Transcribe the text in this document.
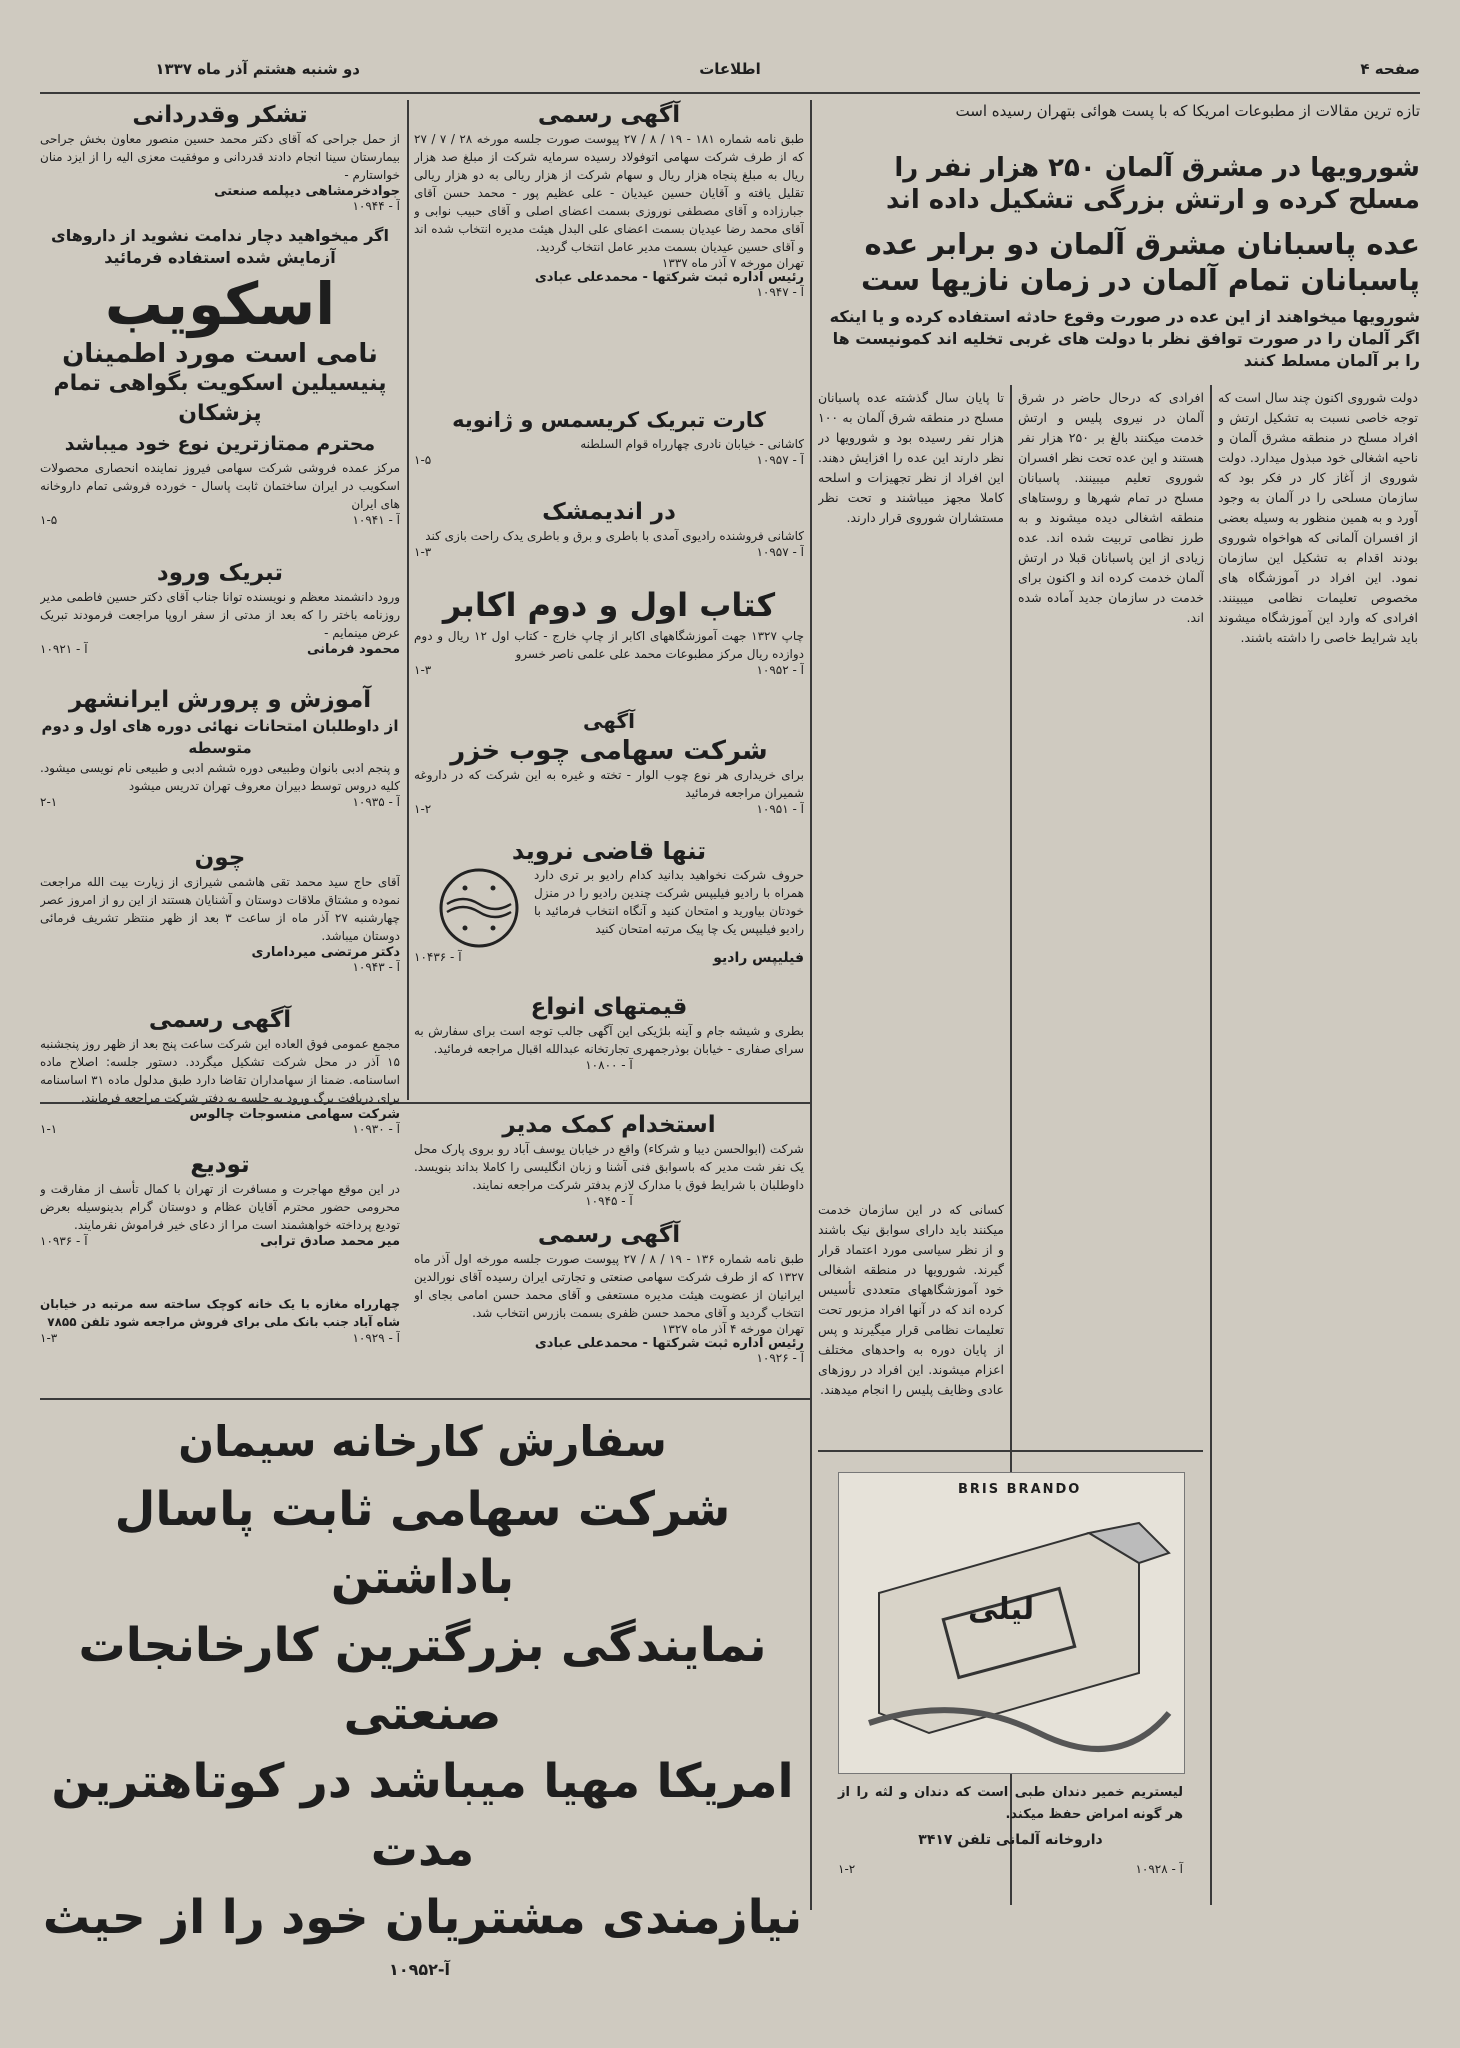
دو شنبه هشتم آذر ماه ۱۳۳۷	اطلاعات	صفحه ۴
تشکر وقدردانی
از حمل جراحی که آقای دکتر محمد حسین منصور معاون بخش جراحی بیمارستان سینا انجام دادند قدردانی و موفقیت معزی الیه را از ایزد منان خواستارم -
جوادخرمشاهی دیپلمه صنعتی
آ - ۱۰۹۴۴
اگر میخواهید دچار ندامت نشوید از داروهای آزمایش شده استفاده فرمائید
اسکویب
نامی است مورد اطمینان
پنیسیلین اسکویت بگواهی تمام پزشکان
محترم ممتازترین نوع خود میباشد
مرکز عمده فروشی شرکت سهامی فیروز نماینده انحصاری محصولات اسکویب در ایران ساختمان ثابت پاسال - خورده فروشی تمام داروخانه های ایران
۱-۵	آ - ۱۰۹۴۱
تبریک ورود
ورود دانشمند معظم و نویسنده توانا جناب آقای دکتر حسین فاطمی مدیر روزنامه باختر را که بعد از مدتی از سفر اروپا مراجعت فرمودند تبریک عرض مینمایم -
آ - ۱۰۹۲۱	محمود فرمانی
آموزش و پرورش ایرانشهر
از داوطلبان امتحانات نهائی دوره های اول و دوم متوسطه
و پنجم ادبی بانوان وطبیعی دوره ششم ادبی و طبیعی نام نویسی میشود. کلیه دروس توسط دبیران معروف تهران تدریس میشود
۲-۱	آ - ۱۰۹۳۵
چون
آقای حاج سید محمد تقی هاشمی شیرازی از زیارت بیت الله مراجعت نموده و مشتاق ملاقات دوستان و آشنایان هستند از این رو از امروز عصر چهارشنبه ۲۷ آذر ماه از ساعت ۳ بعد از ظهر منتظر تشریف فرمائی دوستان میباشد.
دکتر مرتضی میرداماری
آ - ۱۰۹۴۳
آگهی رسمی
مجمع عمومی فوق العاده این شرکت ساعت پنج بعد از ظهر روز پنجشنبه ۱۵ آذر در محل شرکت تشکیل میگردد. دستور جلسه: اصلاح ماده اساسنامه. ضمنا از سهامداران تقاضا دارد طبق مدلول ماده ۳۱ اساسنامه برای دریافت برگ ورود به جلسه به دفتر شرکت مراجعه فرمایند.
شرکت سهامی منسوجات چالوس
۱-۱	آ - ۱۰۹۳۰
تودیع
در این موقع مهاجرت و مسافرت از تهران با کمال تأسف از مفارقت و محرومی حضور محترم آقایان عظام و دوستان گرام بدینوسیله بعرض تودیع پرداخته خواهشمند است مرا از دعای خیر فراموش نفرمایند.
آ - ۱۰۹۳۶	میر محمد صادق ترابی
آگهی رسمی
طبق نامه شماره ۱۸۱ - ۱۹ / ۸ / ۲۷ پیوست صورت جلسه مورخه ۲۸ / ۷ / ۲۷ که از طرف شرکت سهامی اتوفولاد رسیده سرمایه شرکت از مبلغ صد هزار ریال به مبلغ پنجاه هزار ریال و سهام شرکت از هزار ریالی به دو هزار ریالی تقلیل یافته و آقایان حسین عیدیان - علی عظیم پور - محمد حسن آقای جبارزاده و آقای مصطفی نوروزی بسمت اعضای اصلی و آقای حبیب نوابی و آقای محمد رضا عیدیان بسمت اعضای علی البدل هیئت مدیره انتخاب شده اند و آقای حسین عیدیان بسمت مدیر عامل انتخاب گردید.
تهران مورخه ۷ آذر ماه ۱۳۳۷
رئیس اداره ثبت شرکتها - محمدعلی عبادی
آ - ۱۰۹۴۷
کارت تبریک کریسمس و ژانویه
کاشانی - خیابان نادری چهارراه قوام السلطنه
۱-۵	آ - ۱۰۹۵۷
در اندیمشک
کاشانی فروشنده رادیوی آمدی با باطری و برق و باطری یدک راحت بازی کند
۱-۳	آ - ۱۰۹۵۷
کتاب اول و دوم اکابر
چاپ ۱۳۲۷ جهت آموزشگاههای اکابر از چاپ خارج - کتاب اول ۱۲ ریال و دوم دوازده ریال مرکز مطبوعات محمد علی علمی ناصر خسرو
۱-۳	آ - ۱۰۹۵۲
آگهی
شرکت سهامی چوب خزر
برای خریداری هر نوع چوب الوار - تخته و غیره به این شرکت که در داروغه شمیران مراجعه فرمائید
۱-۲	آ - ۱۰۹۵۱
تنها قاضی نروید
حروف شرکت نخواهید بدانید کدام رادیو بر تری دارد همراه با رادیو فیلیپس شرکت چندین رادیو را در منزل خودتان بیاورید و امتحان کنید و آنگاه انتخاب فرمائید با رادیو فیلیپس یک چا پیک مرتبه امتحان کنید
آ - ۱۰۴۳۶	فیلیپس رادیو
قیمتهای انواع
بطری و شیشه جام و آینه بلژیکی این آگهی جالب توجه است برای سفارش به سرای صفاری - خیابان بوذرجمهری تجارتخانه عبدالله اقبال مراجعه فرمائید.
آ - ۱۰۸۰۰
استخدام کمک مدیر
شرکت (ابوالحسن دیبا و شرکاء) واقع در خیابان یوسف آباد رو بروی پارک محل یک نفر شت مدیر که باسوابق فنی آشنا و زبان انگلیسی را کاملا بداند بنویسد. داوطلبان با شرایط فوق با مدارک لازم بدفتر شرکت مراجعه نمایند.
آ - ۱۰۹۴۵
آگهی رسمی
طبق نامه شماره ۱۳۶ - ۱۹ / ۸ / ۲۷ پیوست صورت جلسه مورخه اول آذر ماه ۱۳۲۷ که از طرف شرکت سهامی صنعتی و تجارتی ایران رسیده آقای نورالدین ایرانیان از عضویت هیئت مدیره مستعفی و آقای محمد حسن امامی بجای او انتخاب گردید و آقای محمد حسن ظفری بسمت بازرس انتخاب شد.
تهران مورخه ۴ آذر ماه ۱۳۲۷
رئیس اداره ثبت شرکتها - محمدعلی عبادی
آ - ۱۰۹۲۶
چهارراه مغازه با یک خانه کوچک ساخته سه مرتبه در خیابان شاه آباد جنب بانک ملی برای فروش مراجعه شود تلفن ۷۸۵۵
۱-۳	آ - ۱۰۹۲۹
سفارش کارخانه سیمان
شرکت سهامی ثابت پاسال باداشتن
نمایندگی بزرگترین کارخانجات صنعتی
امریکا مهیا میباشد در کوتاهترین مدت
نیازمندی مشتریان خود را از حیث
آ-۱۰۹۵۲
تازه ترین مقالات از مطبوعات امریکا که با پست هوائی بتهران رسیده است
شورویها در مشرق آلمان ۲۵۰ هزار نفر را مسلح کرده و ارتش بزرگی تشکیل داده اند
عده پاسبانان مشرق آلمان دو برابر عده پاسبانان تمام آلمان در زمان نازیها ست
شورویها میخواهند از این عده در صورت وقوع حادثه استفاده کرده و یا اینکه اگر آلمان را در صورت توافق نظر با دولت های غربی تخلیه اند کمونیست ها را بر آلمان مسلط کنند
دولت شوروی اکنون چند سال است که توجه خاصی نسبت به تشکیل ارتش و افراد مسلح در منطقه مشرق آلمان و ناحیه اشغالی خود مبذول میدارد. دولت شوروی از آغاز کار در فکر بود که سازمان مسلحی را در آلمان به وجود آورد و به همین منظور به وسیله بعضی از افسران آلمانی که هواخواه شوروی بودند اقدام به تشکیل این سازمان نمود. این افراد در آموزشگاه های مخصوص تعلیمات نظامی میبینند. افرادی که وارد این آموزشگاه میشوند باید شرایط خاصی را داشته باشند.
افرادی که درحال حاضر در شرق آلمان در نیروی پلیس و ارتش خدمت میکنند بالغ بر ۲۵۰ هزار نفر هستند و این عده تحت نظر افسران شوروی تعلیم میبینند. پاسبانان مسلح در تمام شهرها و روستاهای منطقه اشغالی دیده میشوند و به طرز نظامی تربیت شده اند. عده زیادی از این پاسبانان قبلا در ارتش آلمان خدمت کرده اند و اکنون برای خدمت در سازمان جدید آماده شده اند.
تا پایان سال گذشته عده پاسبانان مسلح در منطقه شرق آلمان به ۱۰۰ هزار نفر رسیده بود و شورویها در نظر دارند این عده را افزایش دهند. این افراد از نظر تجهیزات و اسلحه کاملا مجهز میباشند و تحت نظر مستشاران شوروی قرار دارند.
کسانی که در این سازمان خدمت میکنند باید دارای سوابق نیک باشند و از نظر سیاسی مورد اعتماد قرار گیرند. شورویها در منطقه اشغالی خود آموزشگاههای متعددی تأسیس کرده اند که در آنها افراد مزبور تحت تعلیمات نظامی قرار میگیرند و پس از پایان دوره به واحدهای مختلف اعزام میشوند. این افراد در روزهای عادی وظایف پلیس را انجام میدهند.
BRIS BRANDO
لیلی
لیستریم خمیر دندان طبی است که دندان و لثه را از هر گونه امراض حفظ میکند.
داروخانه آلمانی تلفن ۳۴۱۷
۱-۲	آ - ۱۰۹۲۸
